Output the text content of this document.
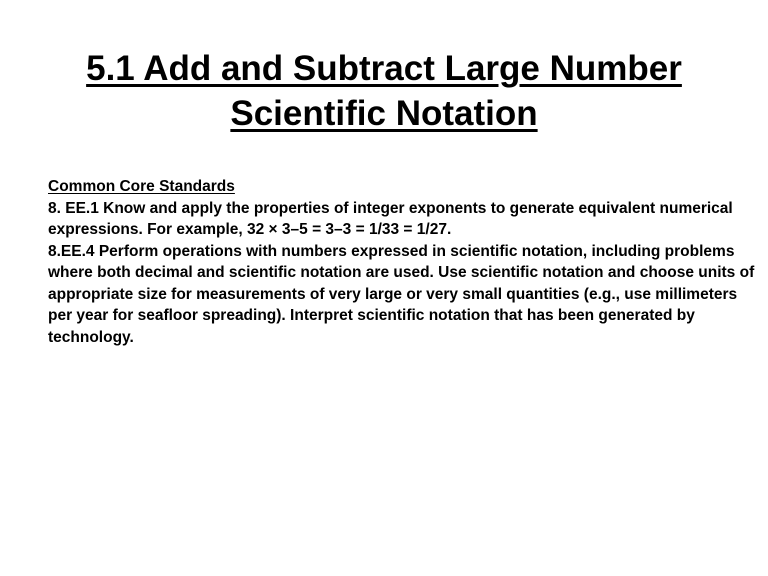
5.1 Add and Subtract Large Number
Scientific Notation
Common Core Standards
8. EE.1 Know and apply the properties of integer exponents to generate equivalent numerical expressions. For example, 32 × 3–5 = 3–3 = 1/33 = 1/27.
8.EE.4 Perform operations with numbers expressed in scientific notation, including problems where both decimal and scientific notation are used. Use scientific notation and choose units of appropriate size for measurements of very large or very small quantities (e.g., use millimeters per year for seafloor spreading). Interpret scientific notation that has been generated by technology.
